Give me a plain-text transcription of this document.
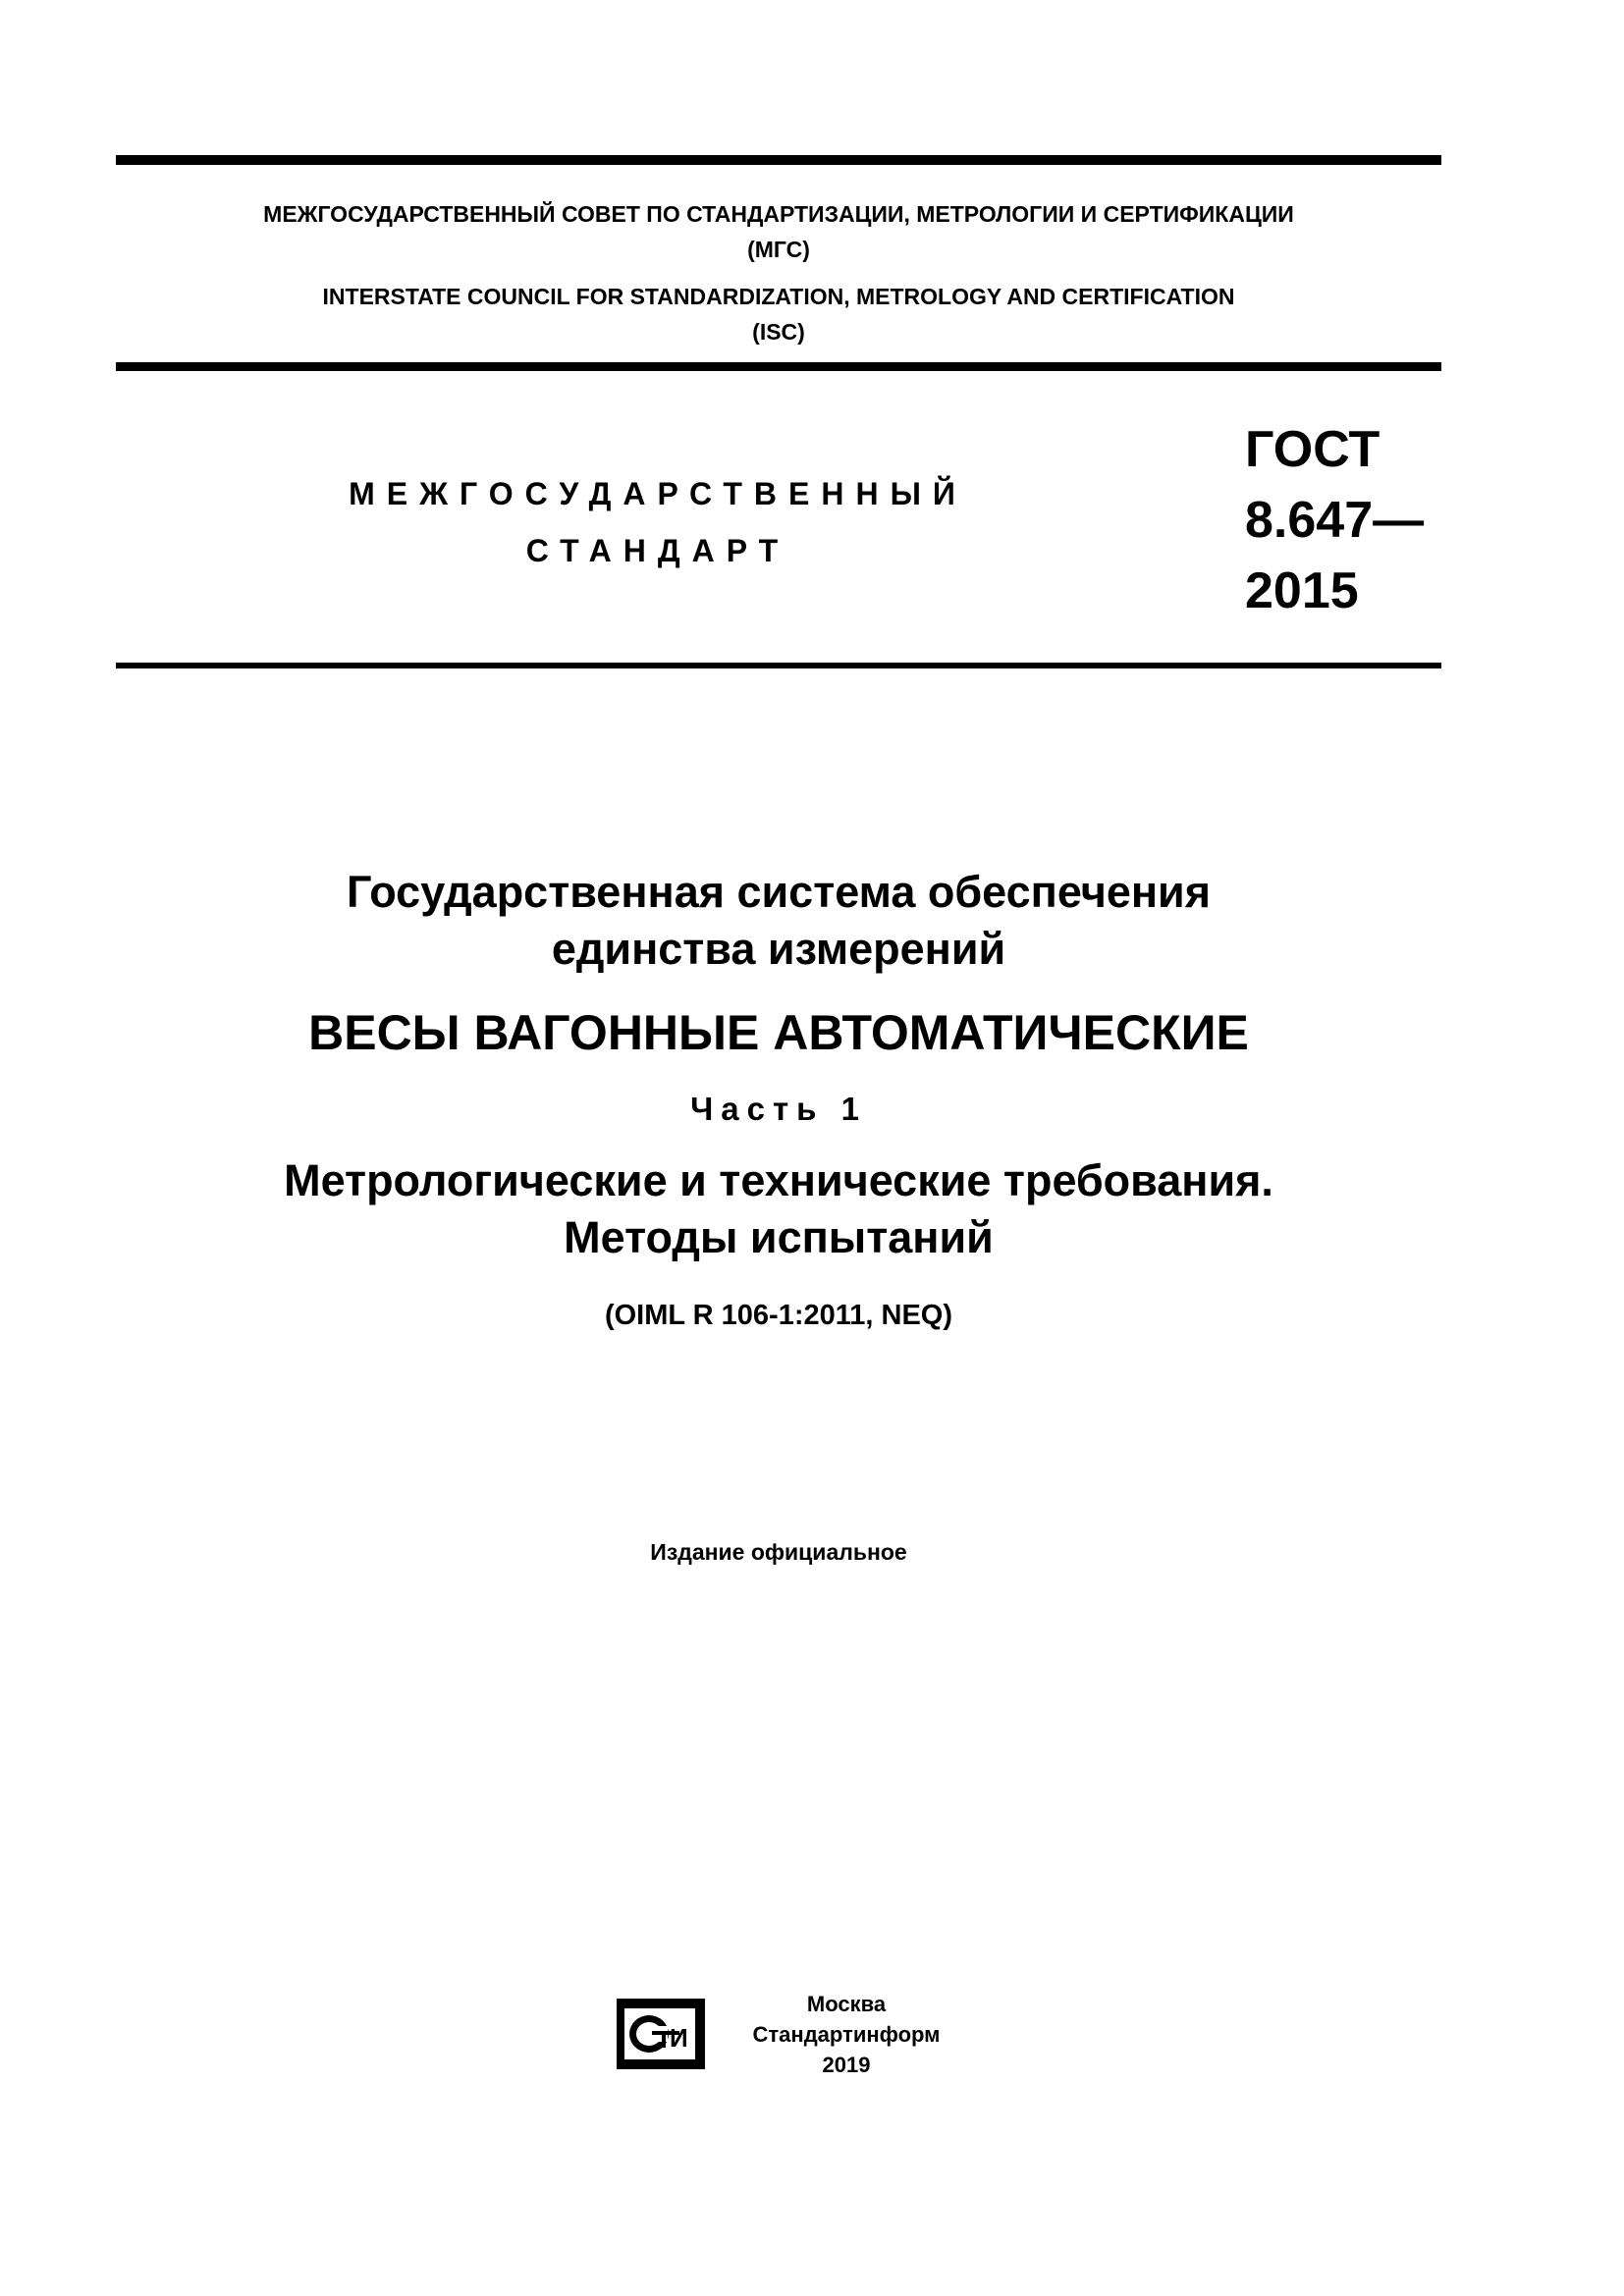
МЕЖГОСУДАРСТВЕННЫЙ СОВЕТ ПО СТАНДАРТИЗАЦИИ, МЕТРОЛОГИИ И СЕРТИФИКАЦИИ
(МГС)
INTERSTATE COUNCIL FOR STANDARDIZATION, METROLOGY AND CERTIFICATION
(ISC)
МЕЖГОСУДАРСТВЕННЫЙ
СТАНДАРТ
ГОСТ
8.647—
2015
Государственная система обеспечения
единства измерений
ВЕСЫ ВАГОННЫЕ АВТОМАТИЧЕСКИЕ
Часть 1
Метрологические и технические требования.
Методы испытаний
(OIML R 106-1:2011, NEQ)
Издание официальное
И
Москва
Стандартинформ
2019
